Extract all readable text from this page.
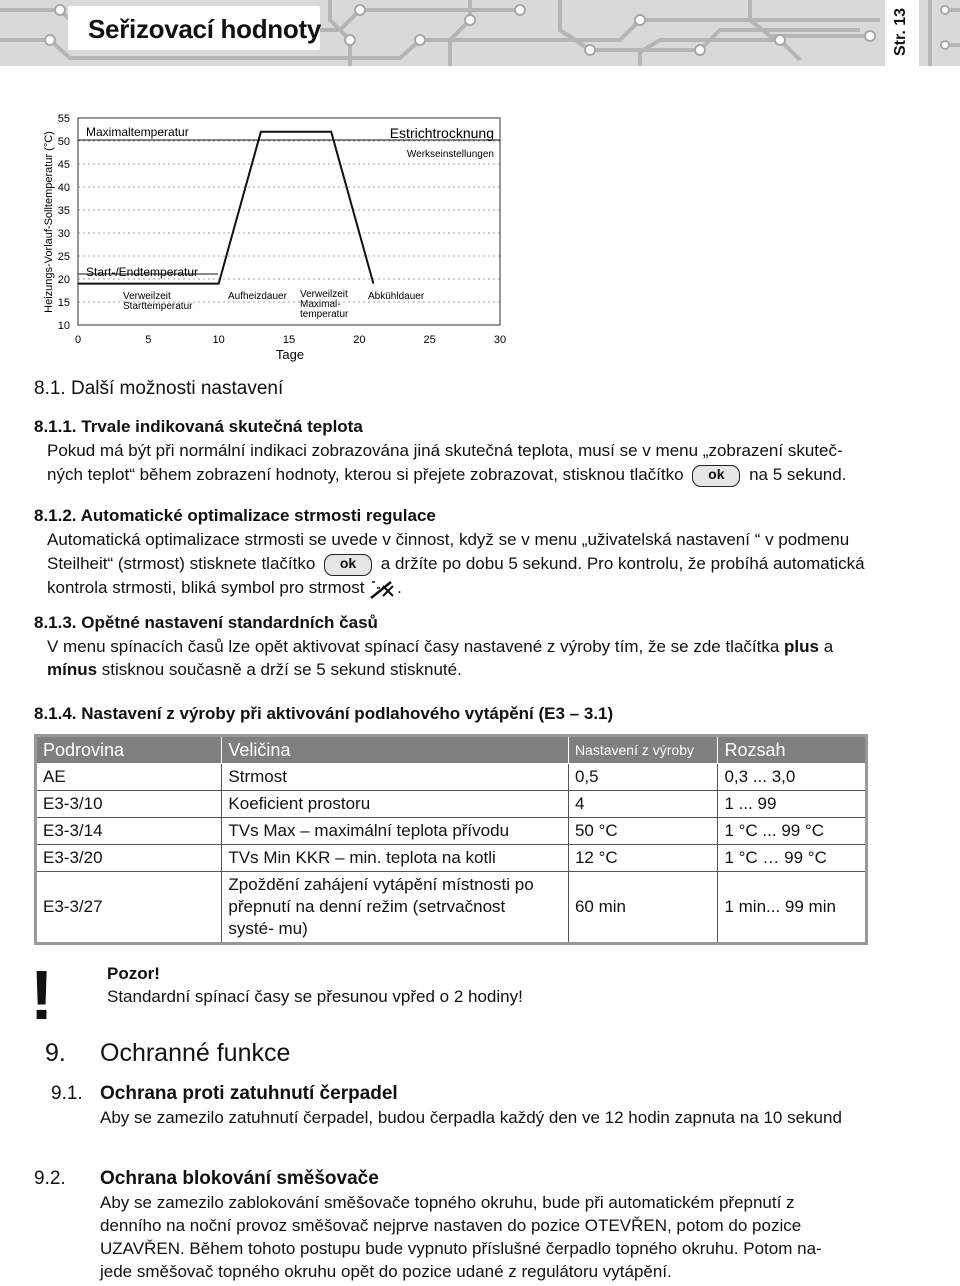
Seřizovací hodnoty	Str. 13
10
15
20
25
30
35
40
45
50
55
0	5	10	15	20	25	30
Tage
Heizungs-Vorlauf-Solltemperatur (°C)	Maximaltemperatur	Estrichtrocknung
Werkseinstellungen
Start-/Endtemperatur
Verweilzeit
Starttemperatur
Aufheizdauer Verweilzeit
Maximal-
temperatur
Abkühldauer
8.1. Další možnosti nastavení
8.1.1. Trvale indikovaná skutečná teplota
Pokud má být při normální indikaci zobrazována jiná skutečná teplota, musí se v menu „zobrazení skuteč-
ných teplot“ během zobrazení hodnoty, kterou si přejete zobrazovat, stisknou tlačítko ok na 5 sekund.
8.1.2. Automatické optimalizace strmosti regulace
Automatická optimalizace strmosti se uvede v činnost, když se v menu „uživatelská nastavení “ v podmenu
Steilheit“ (strmost) stisknete tlačítko ok a držíte po dobu 5 sekund. Pro kontrolu, že probíhá automatická
kontrola strmosti, bliká symbol pro strmost .
8.1.3. Opětné nastavení standardních časů
V menu spínacích časů lze opět aktivovat spínací časy nastavené z výroby tím, že se zde tlačítka plus a
mínus stisknou současně a drží se 5 sekund stisknuté.
8.1.4. Nastavení z výroby při aktivování podlahového vytápění (E3 – 3.1)
Podrovina	Veličina	Nastavení z výroby	Rozsah
AE	Strmost	0,5	0,3 ... 3,0
E3-3/10	Koeficient prostoru	4	1 ... 99
E3-3/14	TVs Max – maximální teplota přívodu	50 °C	1 °C ... 99 °C
E3-3/20	TVs Min KKR – min. teplota na kotli	12 °C	1 °C … 99 °C
E3-3/27	Zpoždění zahájení vytápění místnosti po přepnutí na denní režim (setrvačnost systé- mu)	60 min	1 min... 99 min
!	Pozor!
Standardní spínací časy se přesunou vpřed o 2 hodiny!
9. Ochranné funkce
9.1. Ochrana proti zatuhnutí čerpadel
Aby se zamezilo zatuhnutí čerpadel, budou čerpadla každý den ve 12 hodin zapnuta na 10 sekund
9.2. Ochrana blokování směšovače
Aby se zamezilo zablokování směšovače topného okruhu, bude při automatickém přepnutí z
denního na noční provoz směšovač nejprve nastaven do pozice OTEVŘEN, potom do pozice
UZAVŘEN. Během tohoto postupu bude vypnuto příslušné čerpadlo topného okruhu. Potom na-
jede směšovač topného okruhu opět do pozice udané z regulátoru vytápění.
